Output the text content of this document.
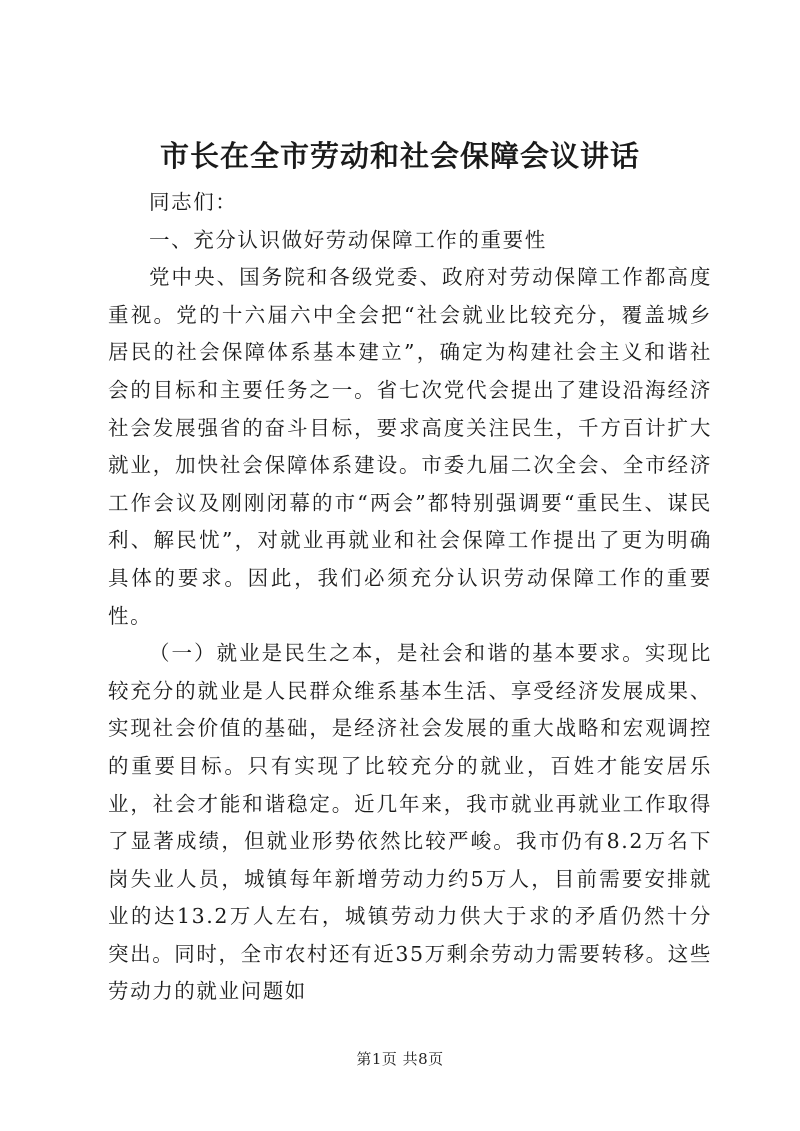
市长在全市劳动和社会保障会议讲话

同志们：

一、充分认识做好劳动保障工作的重要性

党中央、国务院和各级党委、政府对劳动保障工作都高度重视。党的十六届六中全会把“社会就业比较充分，覆盖城乡居民的社会保障体系基本建立”，确定为构建社会主义和谐社会的目标和主要任务之一。省七次党代会提出了建设沿海经济社会发展强省的奋斗目标，要求高度关注民生，千方百计扩大就业，加快社会保障体系建设。市委九届二次全会、全市经济工作会议及刚刚闭幕的市“两会”都特别强调要“重民生、谋民利、解民忧”，对就业再就业和社会保障工作提出了更为明确具体的要求。因此，我们必须充分认识劳动保障工作的重要性。

（一）就业是民生之本，是社会和谐的基本要求。实现比较充分的就业是人民群众维系基本生活、享受经济发展成果、实现社会价值的基础，是经济社会发展的重大战略和宏观调控的重要目标。只有实现了比较充分的就业，百姓才能安居乐业，社会才能和谐稳定。近几年来，我市就业再就业工作取得了显著成绩，但就业形势依然比较严峻。我市仍有8.2万名下岗失业人员，城镇每年新增劳动力约5万人，目前需要安排就业的达13.2万人左右，城镇劳动力供大于求的矛盾仍然十分突出。同时，全市农村还有近35万剩余劳动力需要转移。这些劳动力的就业问题如

第1页 共8页
